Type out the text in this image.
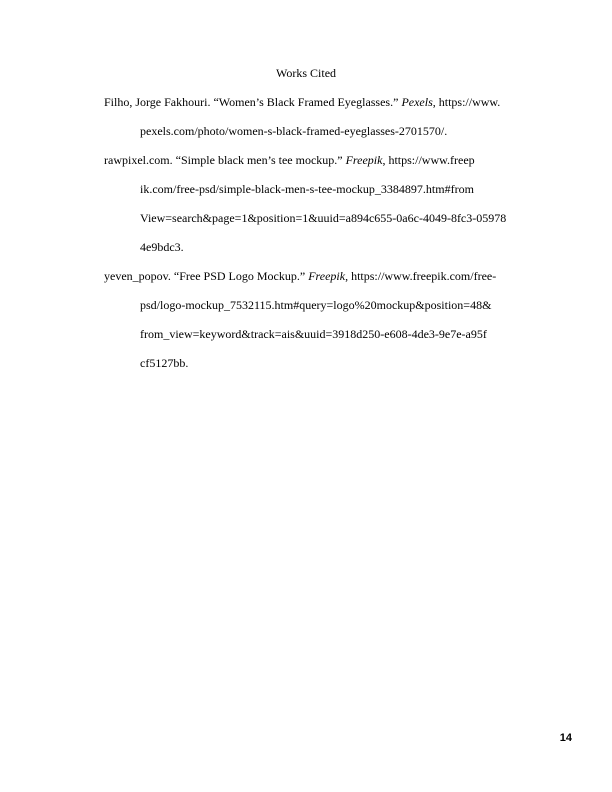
Works Cited
Filho, Jorge Fakhouri. “Women’s Black Framed Eyeglasses.” Pexels, https://www.
pexels.com/photo/women-s-black-framed-eyeglasses-2701570/.
rawpixel.com. “Simple black men’s tee mockup.” Freepik, https://www.freep
ik.com/free-psd/simple-black-men-s-tee-mockup_3384897.htm#from
View=search&page=1&position=1&uuid=a894c655-0a6c-4049-8fc3-05978
4e9bdc3.
yeven_popov. “Free PSD Logo Mockup.” Freepik, https://www.freepik.com/free-
psd/logo-mockup_7532115.htm#query=logo%20mockup&position=48&
from_view=keyword&track=ais&uuid=3918d250-e608-4de3-9e7e-a95f
cf5127bb.
14
